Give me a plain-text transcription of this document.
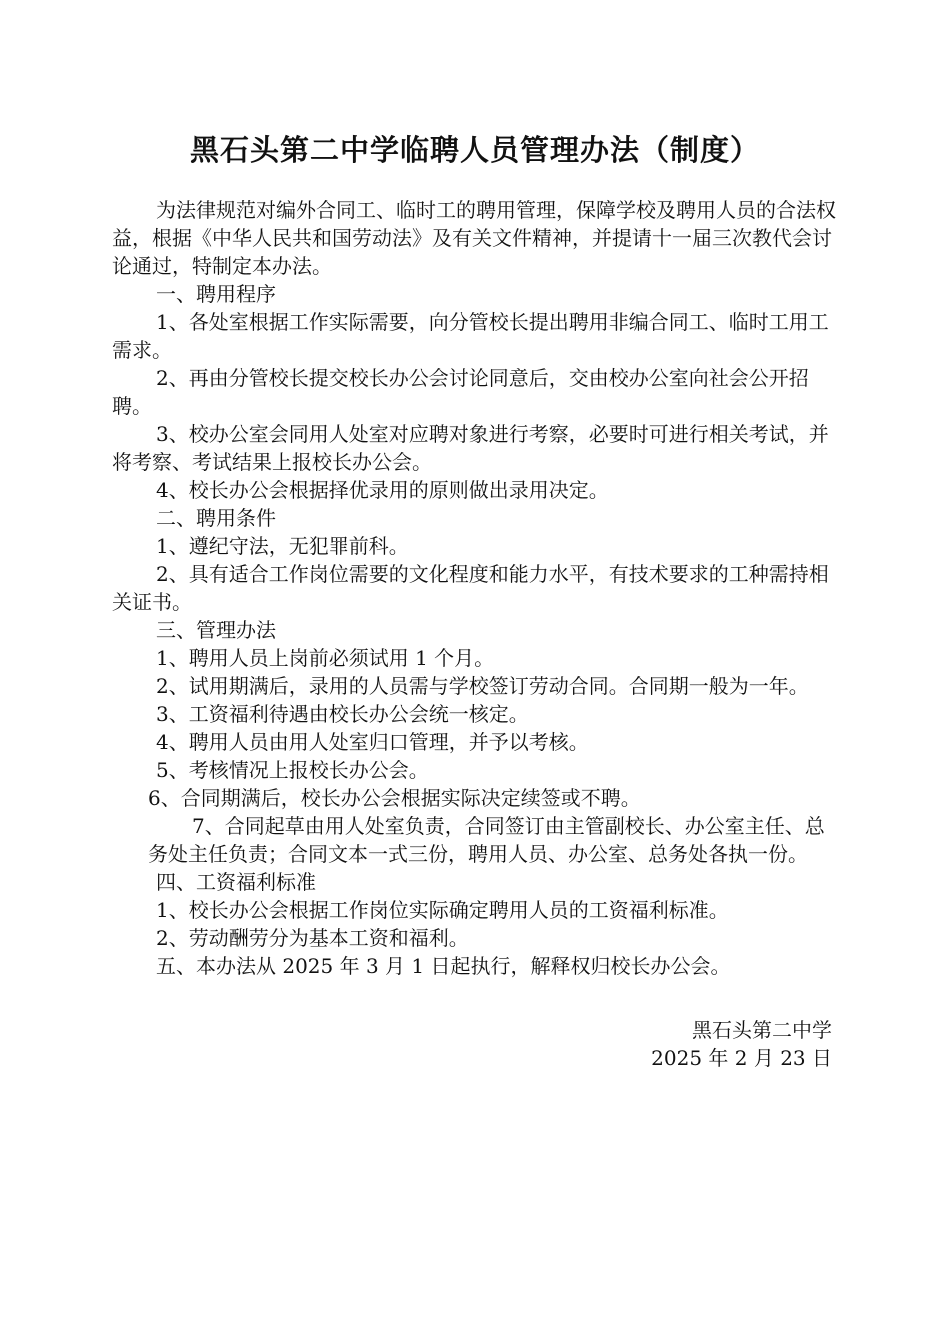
黑石头第二中学临聘人员管理办法（制度）

为法律规范对编外合同工、临时工的聘用管理，保障学校及聘用人员的合法权益，根据《中华人民共和国劳动法》及有关文件精神，并提请十一届三次教代会讨论通过，特制定本办法。

一、聘用程序

1、各处室根据工作实际需要，向分管校长提出聘用非编合同工、临时工用工需求。

2、再由分管校长提交校长办公会讨论同意后，交由校办公室向社会公开招聘。

3、校办公室会同用人处室对应聘对象进行考察，必要时可进行相关考试，并将考察、考试结果上报校长办公会。

4、校长办公会根据择优录用的原则做出录用决定。

二、聘用条件

1、遵纪守法，无犯罪前科。

2、具有适合工作岗位需要的文化程度和能力水平，有技术要求的工种需持相关证书。

三、管理办法

1、聘用人员上岗前必须试用 1 个月。

2、试用期满后，录用的人员需与学校签订劳动合同。合同期一般为一年。

3、工资福利待遇由校长办公会统一核定。

4、聘用人员由用人处室归口管理，并予以考核。

5、考核情况上报校长办公会。

6、合同期满后，校长办公会根据实际决定续签或不聘。

7、合同起草由用人处室负责，合同签订由主管副校长、办公室主任、总务处主任负责；合同文本一式三份，聘用人员、办公室、总务处各执一份。

四、工资福利标准

1、校长办公会根据工作岗位实际确定聘用人员的工资福利标准。

2、劳动酬劳分为基本工资和福利。

五、本办法从 2025 年 3 月 1 日起执行，解释权归校长办公会。

黑石头第二中学

2025 年 2 月 23 日
